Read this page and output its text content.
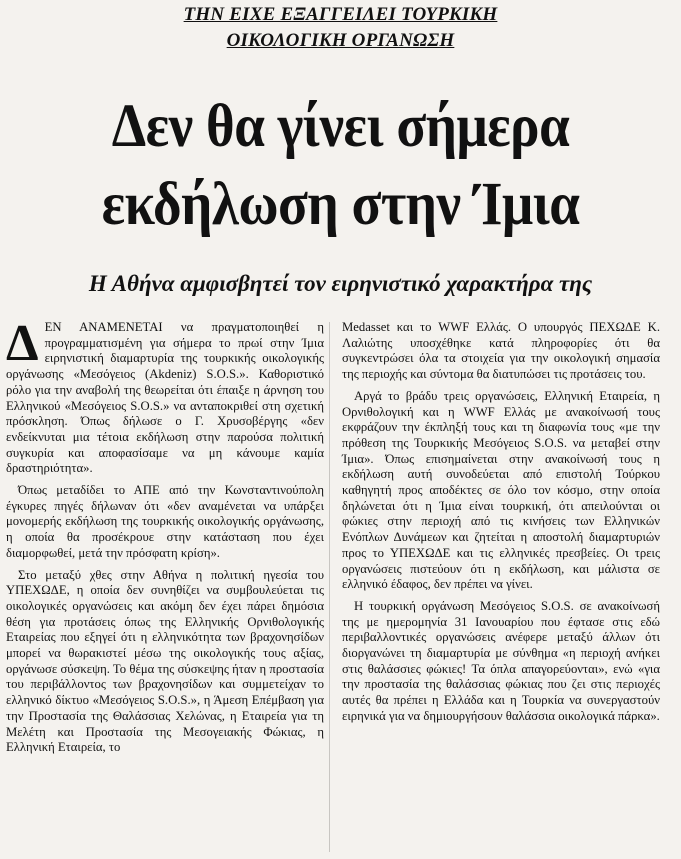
ΤΗΝ ΕΙΧΕ ΕΞΑΓΓΕΙΛΕΙ ΤΟΥΡΚΙΚΗ
ΟΙΚΟΛΟΓΙΚΗ ΟΡΓΑΝΩΣΗ
Δεν θα γίνει σήμερα
εκδήλωση στην Ίμια
Η Αθήνα αμφισβητεί τον ειρηνιστικό χαρακτήρα της

ΔΕΝ ΑΝΑΜΕΝΕΤΑΙ να πραγματοποιηθεί η προγραμματισμένη για σήμερα το πρωί στην Ίμια ειρηνιστική διαμαρτυρία της τουρκικής οικολογικής οργάνωσης «Μεσόγειος (Akdeniz) S.O.S.». Καθοριστικό ρόλο για την αναβολή της θεωρείται ότι έπαιξε η άρνηση του Ελληνικού «Μεσόγειος S.O.S.» να ανταποκριθεί στη σχετική πρόσκληση. Όπως δήλωσε ο Γ. Χρυσοβέργης «δεν ενδείκνυται μια τέτοια εκδήλωση στην παρούσα πολιτική συγκυρία και αποφασίσαμε να μη κάνουμε καμία δραστηριότητα».

Όπως μεταδίδει το ΑΠΕ από την Κωνσταντινούπολη έγκυρες πηγές δήλωναν ότι «δεν αναμένεται να υπάρξει μονομερής εκδήλωση της τουρκικής οικολογικής οργάνωσης, η οποία θα προσέκρουε στην κατάσταση που έχει διαμορφωθεί, μετά την πρόσφατη κρίση».

Στο μεταξύ χθες στην Αθήνα η πολιτική ηγεσία του ΥΠΕΧΩΔΕ, η οποία δεν συνηθίζει να συμβουλεύεται τις οικολογικές οργανώσεις και ακόμη δεν έχει πάρει δημόσια θέση για προτάσεις όπως της Ελληνικής Ορνιθολογικής Εταιρείας που εξηγεί ότι η ελληνικότητα των βραχονησίδων μπορεί να θωρακιστεί μέσω της οικολογικής τους αξίας, οργάνωσε σύσκεψη. Το θέμα της σύσκεψης ήταν η προστασία του περιβάλλοντος των βραχονησίδων και συμμετείχαν το ελληνικό δίκτυο «Μεσόγειος S.O.S.», η Άμεση Επέμβαση για την Προστασία της Θαλάσσιας Χελώνας, η Εταιρεία για τη Μελέτη και Προστασία της Μεσογειακής Φώκιας, η Ελληνική Εταιρεία, το

Medasset και το WWF Ελλάς. Ο υπουργός ΠΕΧΩΔΕ Κ. Λαλιώτης υποσχέθηκε κατά πληροφορίες ότι θα συγκεντρώσει όλα τα στοιχεία για την οικολογική σημασία της περιοχής και σύντομα θα διατυπώσει τις προτάσεις του.

Αργά το βράδυ τρεις οργανώσεις, Ελληνική Εταιρεία, η Ορνιθολογική και η WWF Ελλάς με ανακοίνωσή τους εκφράζουν την έκπληξή τους και τη διαφωνία τους «με την πρόθεση της Τουρκικής Μεσόγειος S.O.S. να μεταβεί στην Ίμια». Όπως επισημαίνεται στην ανακοίνωσή τους η εκδήλωση αυτή συνοδεύεται από επιστολή Τούρκου καθηγητή προς αποδέκτες σε όλο τον κόσμο, στην οποία δηλώνεται ότι η Ίμια είναι τουρκική, ότι απειλούνται οι φώκιες στην περιοχή από τις κινήσεις των Ελληνικών Ενόπλων Δυνάμεων και ζητείται η αποστολή διαμαρτυριών προς το ΥΠΕΧΩΔΕ και τις ελληνικές πρεσβείες. Οι τρεις οργανώσεις πιστεύουν ότι η εκδήλωση, και μάλιστα σε ελληνικό έδαφος, δεν πρέπει να γίνει.

Η τουρκική οργάνωση Μεσόγειος S.O.S. σε ανακοίνωσή της με ημερομηνία 31 Ιανουαρίου που έφτασε στις εδώ περιβαλλοντικές οργανώσεις ανέφερε μεταξύ άλλων ότι διοργανώνει τη διαμαρτυρία με σύνθημα «η περιοχή ανήκει στις θαλάσσιες φώκιες! Τα όπλα απαγορεύονται», ενώ «για την προστασία της θαλάσσιας φώκιας που ζει στις περιοχές αυτές θα πρέπει η Ελλάδα και η Τουρκία να συνεργαστούν ειρηνικά για να δημιουργήσουν θαλάσσια οικολογικά πάρκα».
